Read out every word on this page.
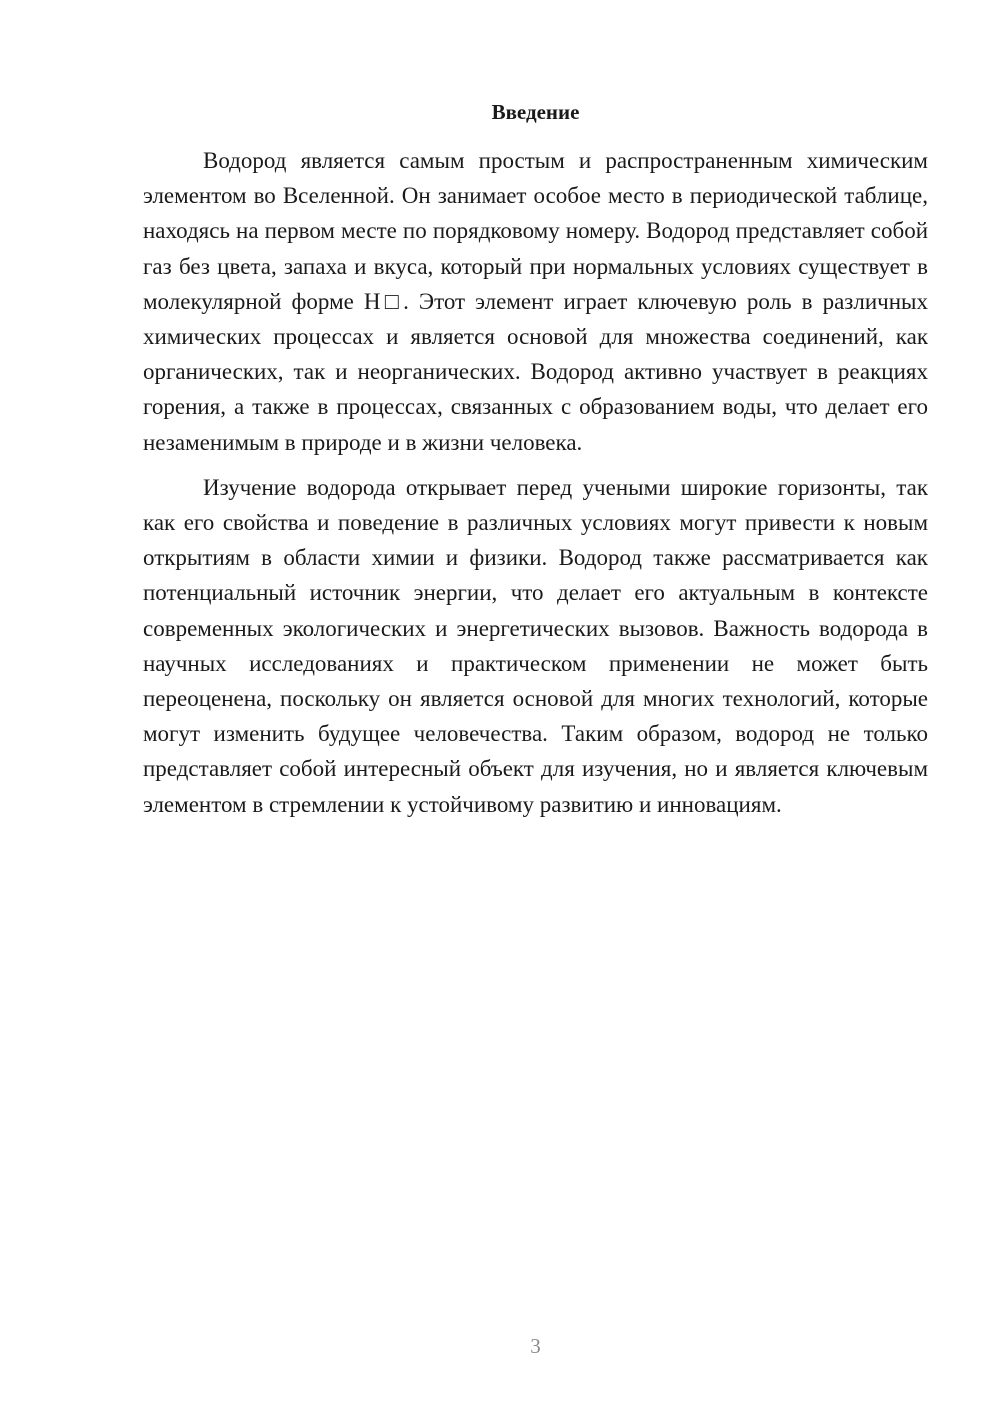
Введение

Водород является самым простым и распространенным химическим элементом во Вселенной. Он занимает особое место в периодической таблице, находясь на первом месте по порядковому номеру. Водород представляет собой газ без цвета, запаха и вкуса, который при нормальных условиях существует в молекулярной форме H□. Этот элемент играет ключевую роль в различных химических процессах и является основой для множества соединений, как органических, так и неорганических. Водород активно участвует в реакциях горения, а также в процессах, связанных с образованием воды, что делает его незаменимым в природе и в жизни человека.

Изучение водорода открывает перед учеными широкие горизонты, так как его свойства и поведение в различных условиях могут привести к новым открытиям в области химии и физики. Водород также рассматривается как потенциальный источник энергии, что делает его актуальным в контексте современных экологических и энергетических вызовов. Важность водорода в научных исследованиях и практическом применении не может быть переоценена, поскольку он является основой для многих технологий, которые могут изменить будущее человечества. Таким образом, водород не только представляет собой интересный объект для изучения, но и является ключевым элементом в стремлении к устойчивому развитию и инновациям.

3
